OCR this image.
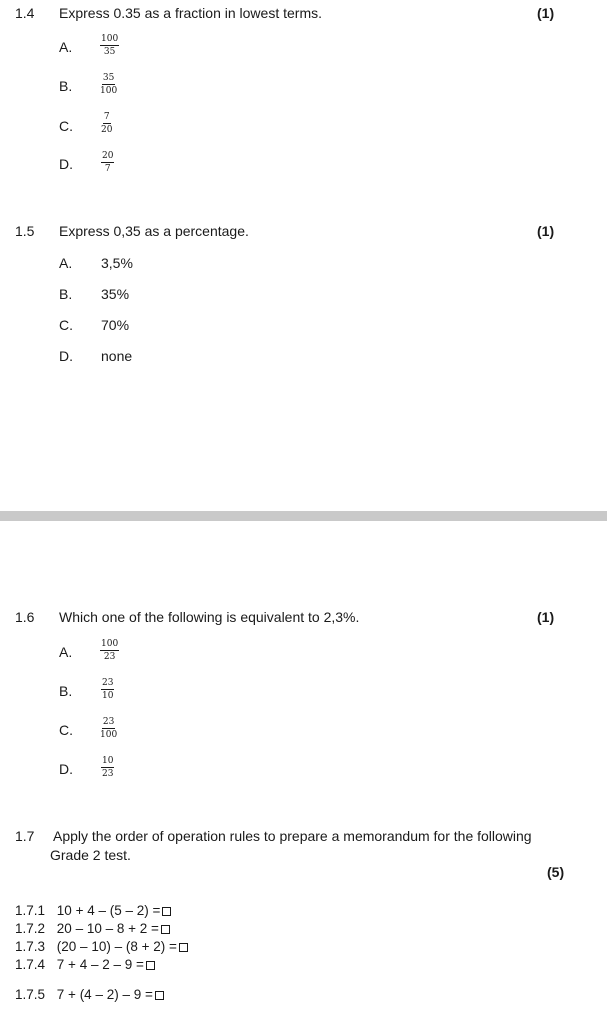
1.4 Express 0.35 as a fraction in lowest terms.	(1)
A.	$\frac{100}{35}$
B.	$\frac{35}{100}$
C.	$\frac{7}{20}$
D.	$\frac{20}{7}$
1.5 Express 0,35 as a percentage.	(1)
A. 3,5%
B. 35%
C. 70%
D. none
1.6 Which one of the following is equivalent to 2,3%.	(1)
A.	$\frac{100}{23}$
B.	$\frac{23}{10}$
C.	$\frac{23}{100}$
D.	$\frac{10}{23}$
1.7 Apply the order of operation rules to prepare a memorandum for the following
Grade 2 test.
(5)
1.7.1 10 + 4 – (5 – 2) =
1.7.2 20 – 10 – 8 + 2 =
1.7.3 (20 – 10) – (8 + 2) =
1.7.4 7 + 4 – 2 – 9 =
1.7.5 7 + (4 – 2) – 9 =
